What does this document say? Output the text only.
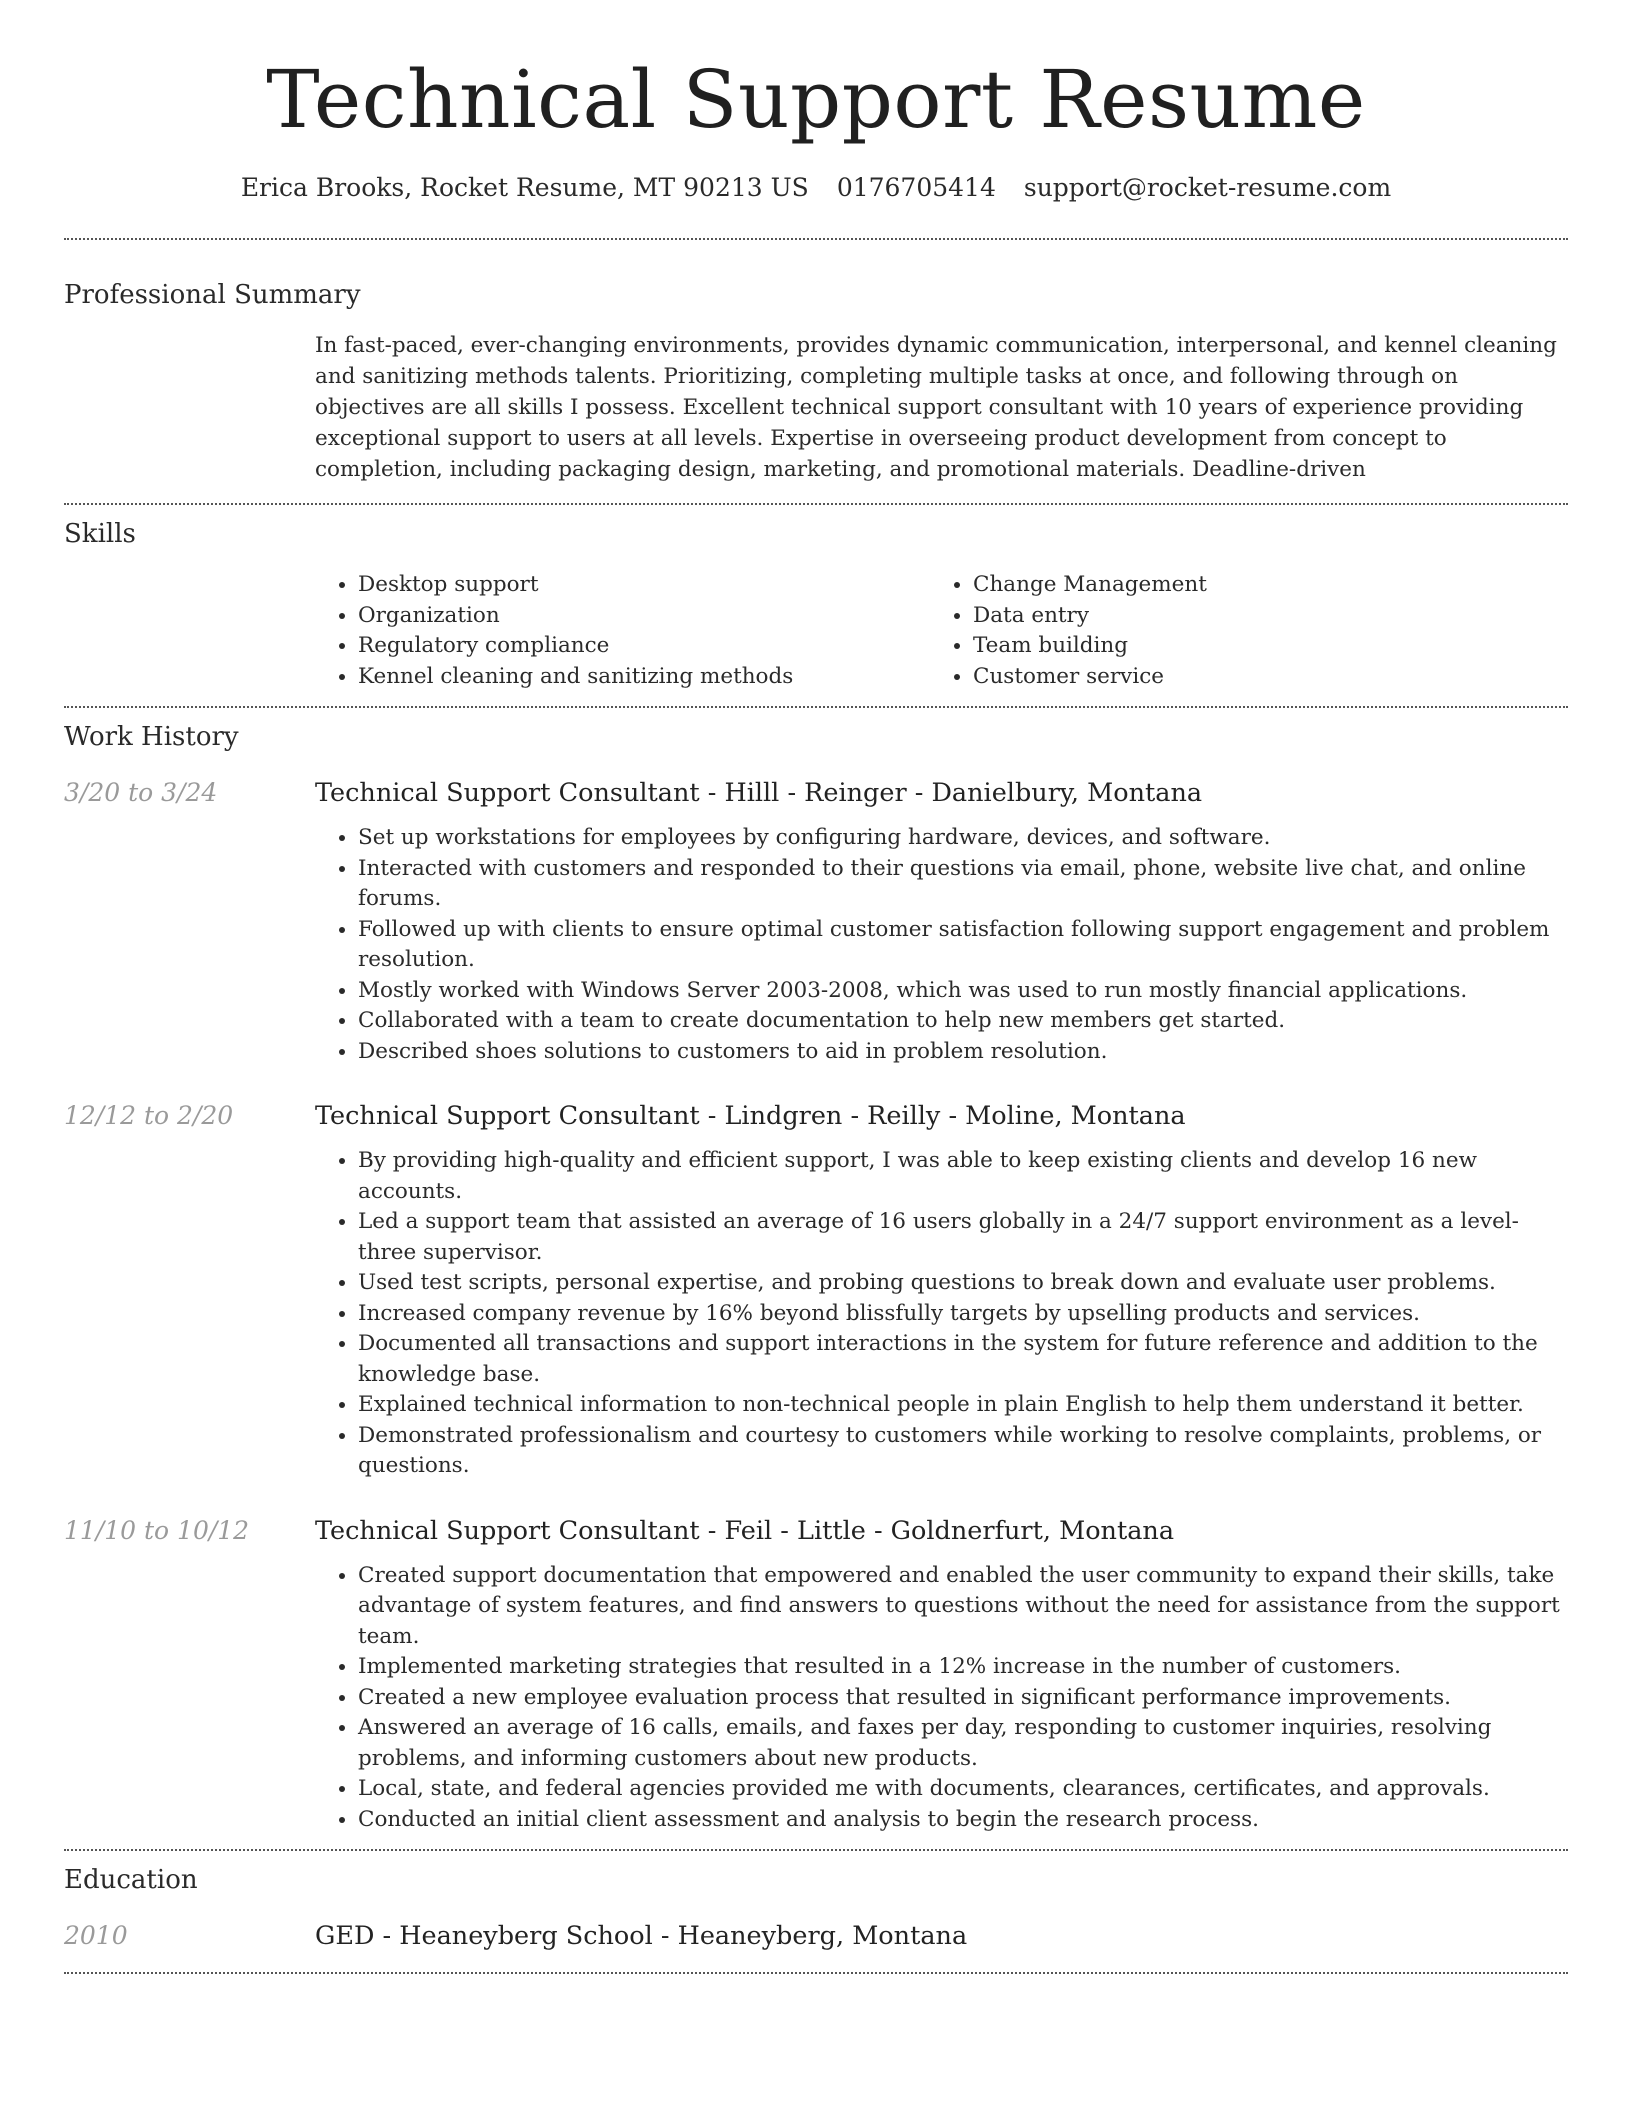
Technical Support Resume
Erica Brooks, Rocket Resume, MT 90213 US 0176705414 support@rocket-resume.com
Professional Summary
In fast-paced, ever-changing environments, provides dynamic communication, interpersonal, and kennel cleaning and sanitizing methods talents. Prioritizing, completing multiple tasks at once, and following through on objectives are all skills I possess. Excellent technical support consultant with 10 years of experience providing exceptional support to users at all levels. Expertise in overseeing product development from concept to completion, including packaging design, marketing, and promotional materials. Deadline-driven
Skills
• Desktop support
• Organization
• Regulatory compliance
• Kennel cleaning and sanitizing methods
• Change Management
• Data entry
• Team building
• Customer service
Work History
3/20 to 3/24	Technical Support Consultant - Hilll - Reinger - Danielbury, Montana
• Set up workstations for employees by configuring hardware, devices, and software.
• Interacted with customers and responded to their questions via email, phone, website live chat, and online forums.
• Followed up with clients to ensure optimal customer satisfaction following support engagement and problem resolution.
• Mostly worked with Windows Server 2003-2008, which was used to run mostly financial applications.
• Collaborated with a team to create documentation to help new members get started.
• Described shoes solutions to customers to aid in problem resolution.
12/12 to 2/20	Technical Support Consultant - Lindgren - Reilly - Moline, Montana
• By providing high-quality and efficient support, I was able to keep existing clients and develop 16 new accounts.
• Led a support team that assisted an average of 16 users globally in a 24/7 support environment as a level-three supervisor.
• Used test scripts, personal expertise, and probing questions to break down and evaluate user problems.
• Increased company revenue by 16% beyond blissfully targets by upselling products and services.
• Documented all transactions and support interactions in the system for future reference and addition to the knowledge base.
• Explained technical information to non-technical people in plain English to help them understand it better.
• Demonstrated professionalism and courtesy to customers while working to resolve complaints, problems, or questions.
11/10 to 10/12	Technical Support Consultant - Feil - Little - Goldnerfurt, Montana
• Created support documentation that empowered and enabled the user community to expand their skills, take advantage of system features, and find answers to questions without the need for assistance from the support team.
• Implemented marketing strategies that resulted in a 12% increase in the number of customers.
• Created a new employee evaluation process that resulted in significant performance improvements.
• Answered an average of 16 calls, emails, and faxes per day, responding to customer inquiries, resolving problems, and informing customers about new products.
• Local, state, and federal agencies provided me with documents, clearances, certificates, and approvals.
• Conducted an initial client assessment and analysis to begin the research process.
Education
2010	GED - Heaneyberg School - Heaneyberg, Montana
